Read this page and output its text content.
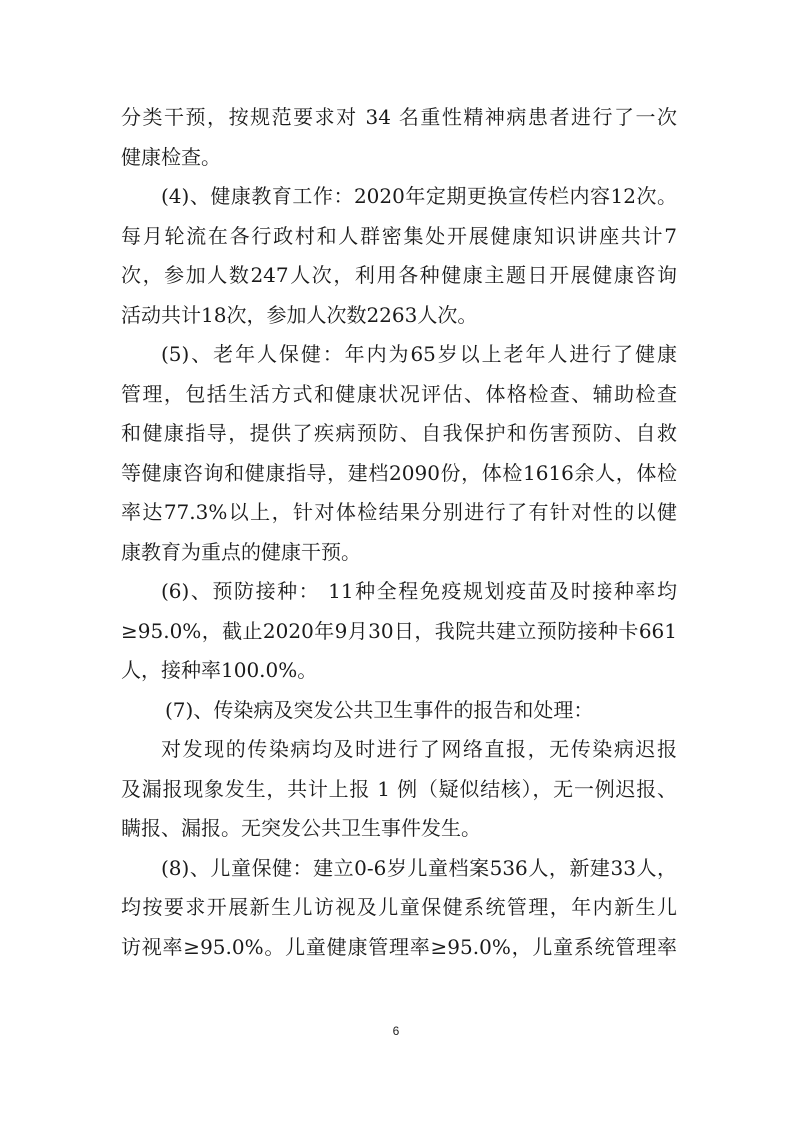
分类干预，按规范要求对 34 名重性精神病患者进行了一次
健康检查。
(4)、健康教育工作：2020年定期更换宣传栏内容12次。
每月轮流在各行政村和人群密集处开展健康知识讲座共计7
次，参加人数247人次，利用各种健康主题日开展健康咨询
活动共计18次，参加人次数2263人次。
(5)、老年人保健：年内为65岁以上老年人进行了健康
管理，包括生活方式和健康状况评估、体格检查、辅助检查
和健康指导，提供了疾病预防、自我保护和伤害预防、自救
等健康咨询和健康指导，建档2090份，体检1616余人，体检
率达77.3%以上，针对体检结果分别进行了有针对性的以健
康教育为重点的健康干预。
(6)、预防接种： 11种全程免疫规划疫苗及时接种率均
≥95.0%，截止2020年9月30日，我院共建立预防接种卡661
人，接种率100.0%。
(7)、传染病及突发公共卫生事件的报告和处理：
对发现的传染病均及时进行了网络直报，无传染病迟报
及漏报现象发生，共计上报 1 例（疑似结核），无一例迟报、
瞒报、漏报。无突发公共卫生事件发生。
(8)、儿童保健：建立0-6岁儿童档案536人，新建33人，
均按要求开展新生儿访视及儿童保健系统管理，年内新生儿
访视率≥95.0%。儿童健康管理率≥95.0%，儿童系统管理率
6
